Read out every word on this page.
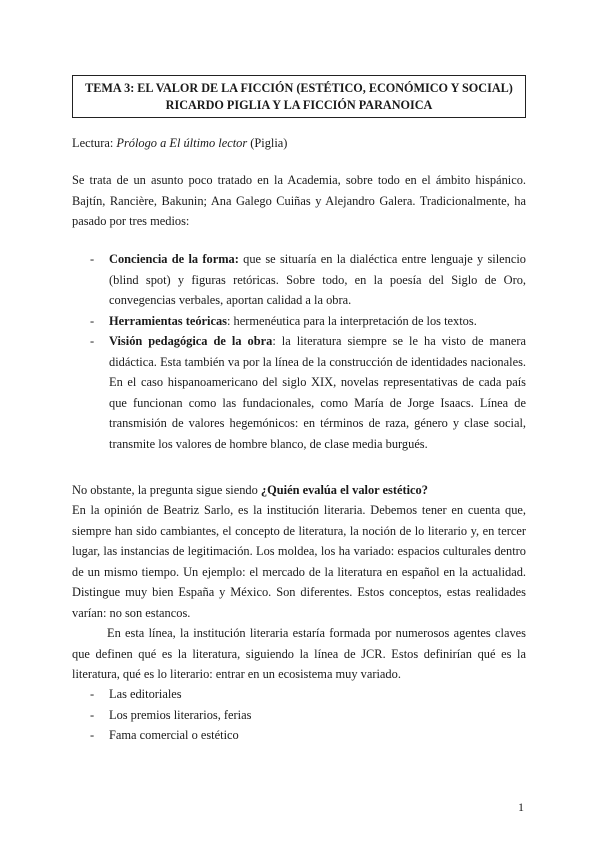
TEMA 3: EL VALOR DE LA FICCIÓN (ESTÉTICO, ECONÓMICO Y SOCIAL)
RICARDO PIGLIA Y LA FICCIÓN PARANOICA
Lectura: Prólogo a El último lector (Piglia)
Se trata de un asunto poco tratado en la Academia, sobre todo en el ámbito hispánico. Bajtín, Rancière, Bakunin; Ana Galego Cuiñas y Alejandro Galera. Tradicionalmente, ha pasado por tres medios:
- Conciencia de la forma: que se situaría en la dialéctica entre lenguaje y silencio (blind spot) y figuras retóricas. Sobre todo, en la poesía del Siglo de Oro, convegencias verbales, aportan calidad a la obra.
- Herramientas teóricas: hermenéutica para la interpretación de los textos.
- Visión pedagógica de la obra: la literatura siempre se le ha visto de manera didáctica. Esta también va por la línea de la construcción de identidades nacionales. En el caso hispanoamericano del siglo XIX, novelas representativas de cada país que funcionan como las fundacionales, como María de Jorge Isaacs. Línea de transmisión de valores hegemónicos: en términos de raza, género y clase social, transmite los valores de hombre blanco, de clase media burgués.
No obstante, la pregunta sigue siendo ¿Quién evalúa el valor estético?
En la opinión de Beatriz Sarlo, es la institución literaria. Debemos tener en cuenta que, siempre han sido cambiantes, el concepto de literatura, la noción de lo literario y, en tercer lugar, las instancias de legitimación. Los moldea, los ha variado: espacios culturales dentro de un mismo tiempo. Un ejemplo: el mercado de la literatura en español en la actualidad. Distingue muy bien España y México. Son diferentes. Estos conceptos, estas realidades varían: no son estancos.
En esta línea, la institución literaria estaría formada por numerosos agentes claves que definen qué es la literatura, siguiendo la línea de JCR. Estos definirían qué es la literatura, qué es lo literario: entrar en un ecosistema muy variado.
- Las editoriales
- Los premios literarios, ferias
- Fama comercial o estético
1
